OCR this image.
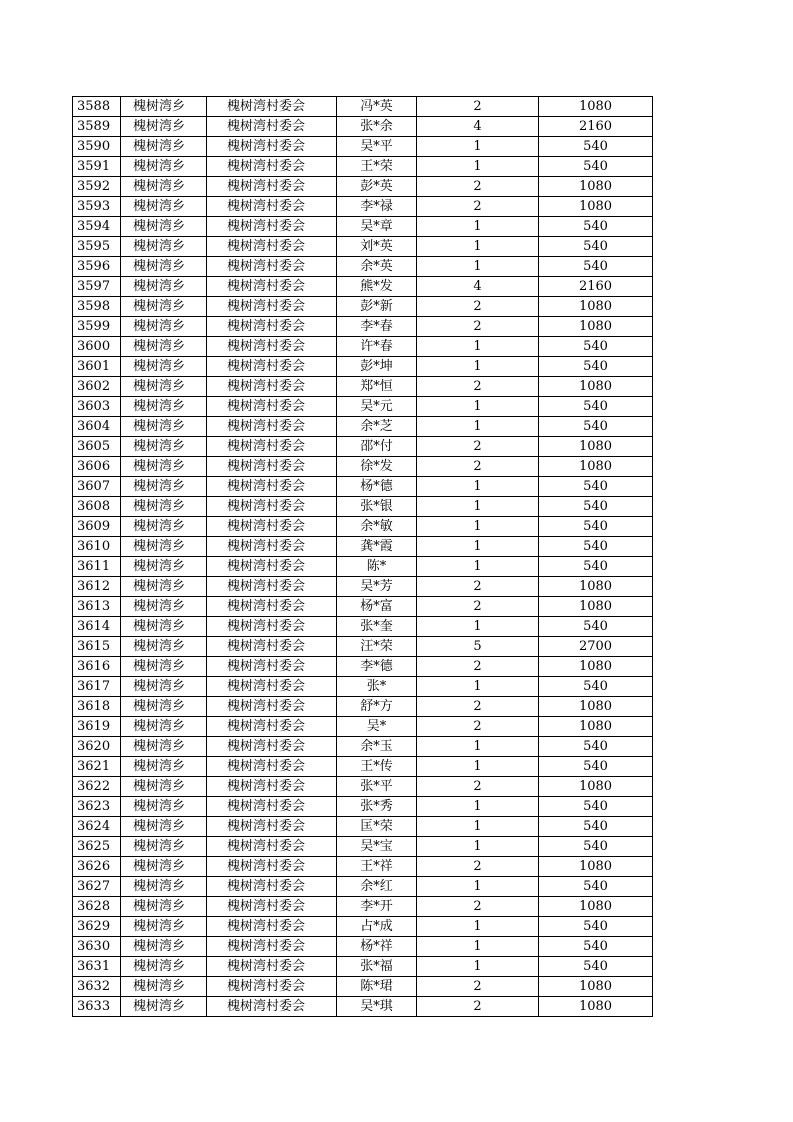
3588	槐树湾乡	槐树湾村委会	冯*英	2	1080
3589	槐树湾乡	槐树湾村委会	张*余	4	2160
3590	槐树湾乡	槐树湾村委会	吴*平	1	540
3591	槐树湾乡	槐树湾村委会	王*荣	1	540
3592	槐树湾乡	槐树湾村委会	彭*英	2	1080
3593	槐树湾乡	槐树湾村委会	李*禄	2	1080
3594	槐树湾乡	槐树湾村委会	吴*章	1	540
3595	槐树湾乡	槐树湾村委会	刘*英	1	540
3596	槐树湾乡	槐树湾村委会	余*英	1	540
3597	槐树湾乡	槐树湾村委会	熊*发	4	2160
3598	槐树湾乡	槐树湾村委会	彭*新	2	1080
3599	槐树湾乡	槐树湾村委会	李*春	2	1080
3600	槐树湾乡	槐树湾村委会	许*春	1	540
3601	槐树湾乡	槐树湾村委会	彭*坤	1	540
3602	槐树湾乡	槐树湾村委会	郑*恒	2	1080
3603	槐树湾乡	槐树湾村委会	吴*元	1	540
3604	槐树湾乡	槐树湾村委会	余*芝	1	540
3605	槐树湾乡	槐树湾村委会	邵*付	2	1080
3606	槐树湾乡	槐树湾村委会	徐*发	2	1080
3607	槐树湾乡	槐树湾村委会	杨*德	1	540
3608	槐树湾乡	槐树湾村委会	张*银	1	540
3609	槐树湾乡	槐树湾村委会	余*敏	1	540
3610	槐树湾乡	槐树湾村委会	龚*霞	1	540
3611	槐树湾乡	槐树湾村委会	陈*	1	540
3612	槐树湾乡	槐树湾村委会	吴*芳	2	1080
3613	槐树湾乡	槐树湾村委会	杨*富	2	1080
3614	槐树湾乡	槐树湾村委会	张*奎	1	540
3615	槐树湾乡	槐树湾村委会	汪*荣	5	2700
3616	槐树湾乡	槐树湾村委会	李*德	2	1080
3617	槐树湾乡	槐树湾村委会	张*	1	540
3618	槐树湾乡	槐树湾村委会	舒*方	2	1080
3619	槐树湾乡	槐树湾村委会	吴*	2	1080
3620	槐树湾乡	槐树湾村委会	余*玉	1	540
3621	槐树湾乡	槐树湾村委会	王*传	1	540
3622	槐树湾乡	槐树湾村委会	张*平	2	1080
3623	槐树湾乡	槐树湾村委会	张*秀	1	540
3624	槐树湾乡	槐树湾村委会	匡*荣	1	540
3625	槐树湾乡	槐树湾村委会	吴*宝	1	540
3626	槐树湾乡	槐树湾村委会	王*祥	2	1080
3627	槐树湾乡	槐树湾村委会	余*红	1	540
3628	槐树湾乡	槐树湾村委会	李*开	2	1080
3629	槐树湾乡	槐树湾村委会	占*成	1	540
3630	槐树湾乡	槐树湾村委会	杨*祥	1	540
3631	槐树湾乡	槐树湾村委会	张*福	1	540
3632	槐树湾乡	槐树湾村委会	陈*珺	2	1080
3633	槐树湾乡	槐树湾村委会	吴*琪	2	1080
